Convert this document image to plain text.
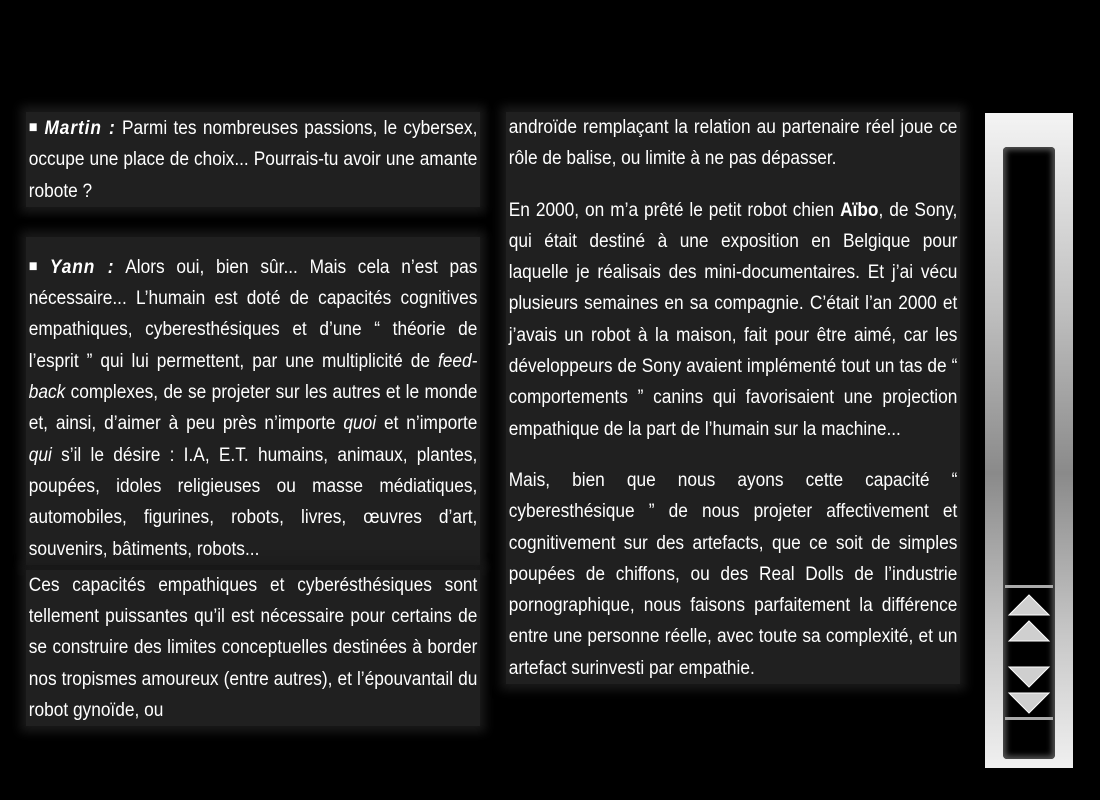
■ Martin : Parmi tes nombreuses passions, le cybersex, occupe une place de choix... Pourrais-tu avoir une amante robote ?

■ Yann : Alors oui, bien sûr... Mais cela n’est pas nécessaire... L’humain est doté de capacités cognitives empathiques, cyberesthésiques et d’une “ théorie de l’esprit ” qui lui permettent, par une multiplicité de feed-back complexes, de se projeter sur les autres et le monde et, ainsi, d’aimer à peu près n’importe quoi et n’importe qui s’il le désire : I.A, E.T. humains, animaux, plantes, poupées, idoles religieuses ou masse médiatiques, automobiles, figurines, robots, livres, œuvres d’art, souvenirs, bâtiments, robots...

Ces capacités empathiques et cyberésthésiques sont tellement puissantes qu’il est nécessaire pour certains de se construire des limites conceptuelles destinées à border nos tropismes amoureux (entre autres), et l’épouvantail du robot gynoïde, ou

androïde remplaçant la relation au partenaire réel joue ce rôle de balise, ou limite à ne pas dépasser.

En 2000, on m’a prêté le petit robot chien Aïbo, de Sony, qui était destiné à une exposition en Belgique pour laquelle je réalisais des mini-documentaires. Et j’ai vécu plusieurs semaines en sa compagnie. C’était l’an 2000 et j’avais un robot à la maison, fait pour être aimé, car les développeurs de Sony avaient implémenté tout un tas de “ comportements ” canins qui favorisaient une projection empathique de la part de l’humain sur la machine...

Mais, bien que nous ayons cette capacité “ cyberesthésique ” de nous projeter affectivement et cognitivement sur des artefacts, que ce soit de simples poupées de chiffons, ou des Real Dolls de l’industrie pornographique, nous faisons parfaitement la différence entre une personne réelle, avec toute sa complexité, et un artefact surinvesti par empathie.
